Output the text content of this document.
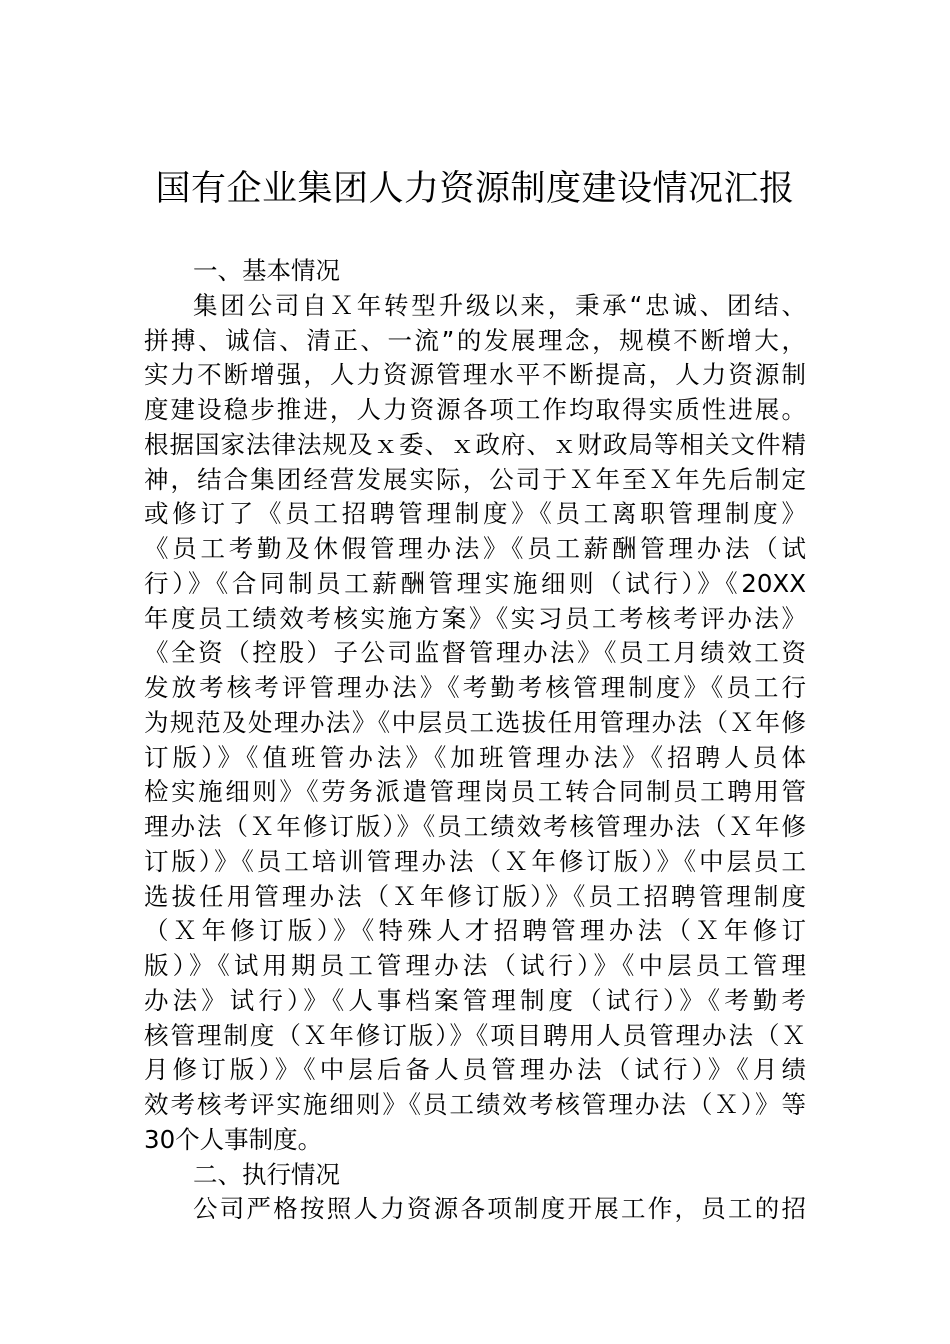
国有企业集团人力资源制度建设情况汇报
一、基本情况
集团公司自Ｘ年转型升级以来，秉承“忠诚、团结、
拼搏、诚信、清正、一流”的发展理念，规模不断增大，
实力不断增强，人力资源管理水平不断提高，人力资源制
度建设稳步推进，人力资源各项工作均取得实质性进展。
根据国家法律法规及ｘ委、ｘ政府、ｘ财政局等相关文件精
神，结合集团经营发展实际，公司于Ｘ年至Ｘ年先后制定
或修订了《员工招聘管理制度》《员工离职管理制度》
《员工考勤及休假管理办法》《员工薪酬管理办法（试
行）》《合同制员工薪酬管理实施细则（试行）》《20XX
年度员工绩效考核实施方案》《实习员工考核考评办法》
《全资（控股）子公司监督管理办法》《员工月绩效工资
发放考核考评管理办法》《考勤考核管理制度》《员工行
为规范及处理办法》《中层员工选拔任用管理办法（Ｘ年修
订版）》《值班管办法》《加班管理办法》《招聘人员体
检实施细则》《劳务派遣管理岗员工转合同制员工聘用管
理办法（Ｘ年修订版）》《员工绩效考核管理办法（Ｘ年修
订版）》《员工培训管理办法（Ｘ年修订版）》《中层员工
选拔任用管理办法（Ｘ年修订版）》《员工招聘管理制度
（Ｘ年修订版）》《特殊人才招聘管理办法（Ｘ年修订
版）》《试用期员工管理办法（试行）》《中层员工管理
办法》试行）》《人事档案管理制度（试行）》《考勤考
核管理制度（Ｘ年修订版）》《项目聘用人员管理办法（Ｘ
月修订版）》《中层后备人员管理办法（试行）》《月绩
效考核考评实施细则》《员工绩效考核管理办法（Ｘ）》等
30个人事制度。
二、执行情况
公司严格按照人力资源各项制度开展工作，员工的招
